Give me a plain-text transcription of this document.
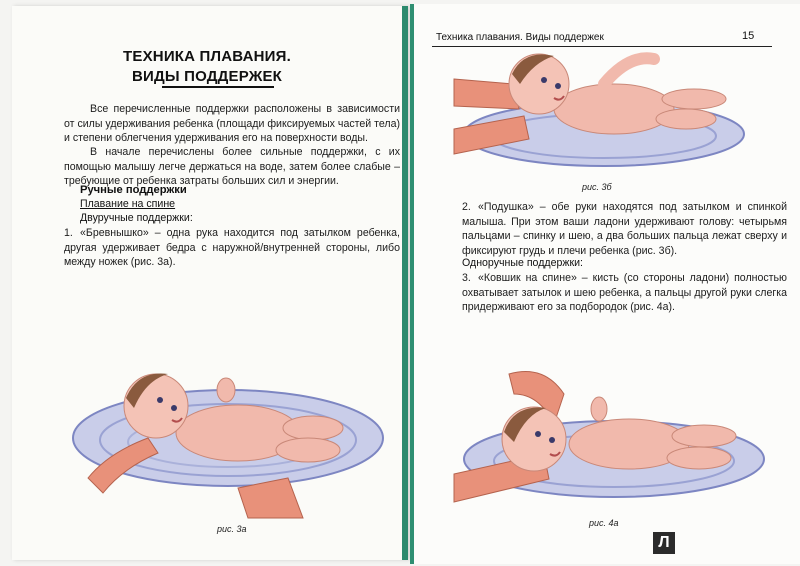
ТЕХНИКА ПЛАВАНИЯ.
ВИДЫ ПОДДЕРЖЕК
Все перечисленные поддержки расположены в зависимости от силы удерживания ребенка (площади фиксируемых частей тела) и степени облегчения удерживания его на поверхности воды.
В начале перечислены более сильные поддержки, с их помощью малышу легче держаться на воде, затем более слабые – требующие от ребенка затраты больших сил и энергии.
Ручные поддержки
Плавание на спине
Двуручные поддержки:
1. «Бревнышко» – одна рука находится под затылком ребенка, другая удерживает бедра с наружной/внутренней стороны, либо между ножек (рис. 3а).
рис. 3а
Техника плавания. Виды поддержек	15
рис. 3б
2. «Подушка» – обе руки находятся под затылком и спинкой малыша. При этом ваши ладони удерживают голову: четырьмя пальцами – спинку и шею, а два больших пальца лежат сверху и фиксируют грудь и плечи ребенка (рис. 3б).
Одноручные поддержки:
3. «Ковшик на спине» – кисть (со стороны ладони) полностью охватывает затылок и шею ребенка, а пальцы другой руки слегка придерживают его за подбородок (рис. 4а).
рис. 4а
Л
